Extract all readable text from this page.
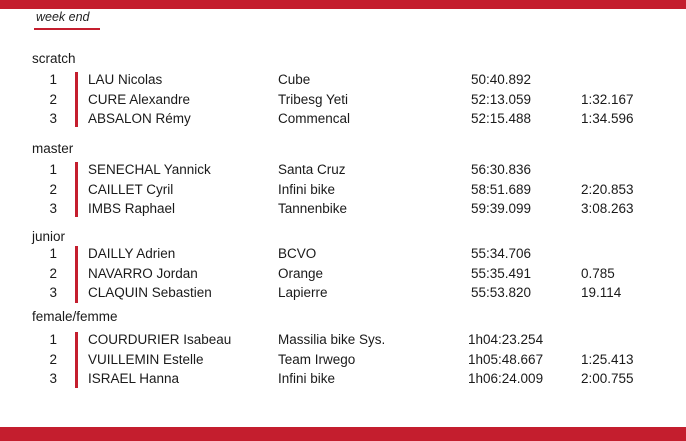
week end
scratch
1 LAU Nicolas	Cube	50:40.892
2 CURE Alexandre	Tribesg Yeti	52:13.059	1:32.167
3 ABSALON Rémy	Commencal	52:15.488	1:34.596
master
1 SENECHAL Yannick	Santa Cruz	56:30.836
2 CAILLET Cyril	Infini bike	58:51.689	2:20.853
3 IMBS Raphael	Tannenbike	59:39.099	3:08.263
junior
1 DAILLY Adrien	BCVO	55:34.706
2 NAVARRO Jordan	Orange	55:35.491	0.785
3 CLAQUIN Sebastien	Lapierre	55:53.820	19.114
female/femme
1 COURDURIER Isabeau	Massilia bike Sys.	1h04:23.254
2 VUILLEMIN Estelle	Team Irwego	1h05:48.667	1:25.413
3 ISRAEL Hanna	Infini bike	1h06:24.009	2:00.755
